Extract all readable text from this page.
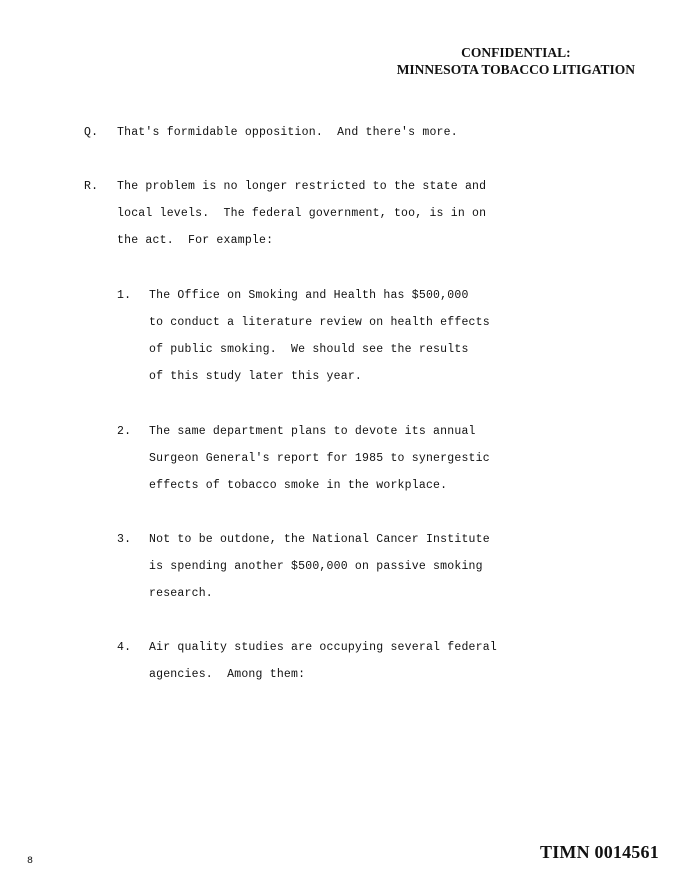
CONFIDENTIAL:
MINNESOTA TOBACCO LITIGATION
Q. That's formidable opposition.  And there's more.
R. The problem is no longer restricted to the state and
local levels.  The federal government, too, is in on
the act.  For example:
1. The Office on Smoking and Health has $500,000
to conduct a literature review on health effects
of public smoking.  We should see the results
of this study later this year.
2. The same department plans to devote its annual
Surgeon General's report for 1985 to synergestic
effects of tobacco smoke in the workplace.
3. Not to be outdone, the National Cancer Institute
is spending another $500,000 on passive smoking
research.
4. Air quality studies are occupying several federal
agencies.  Among them:
8	TIMN 0014561
